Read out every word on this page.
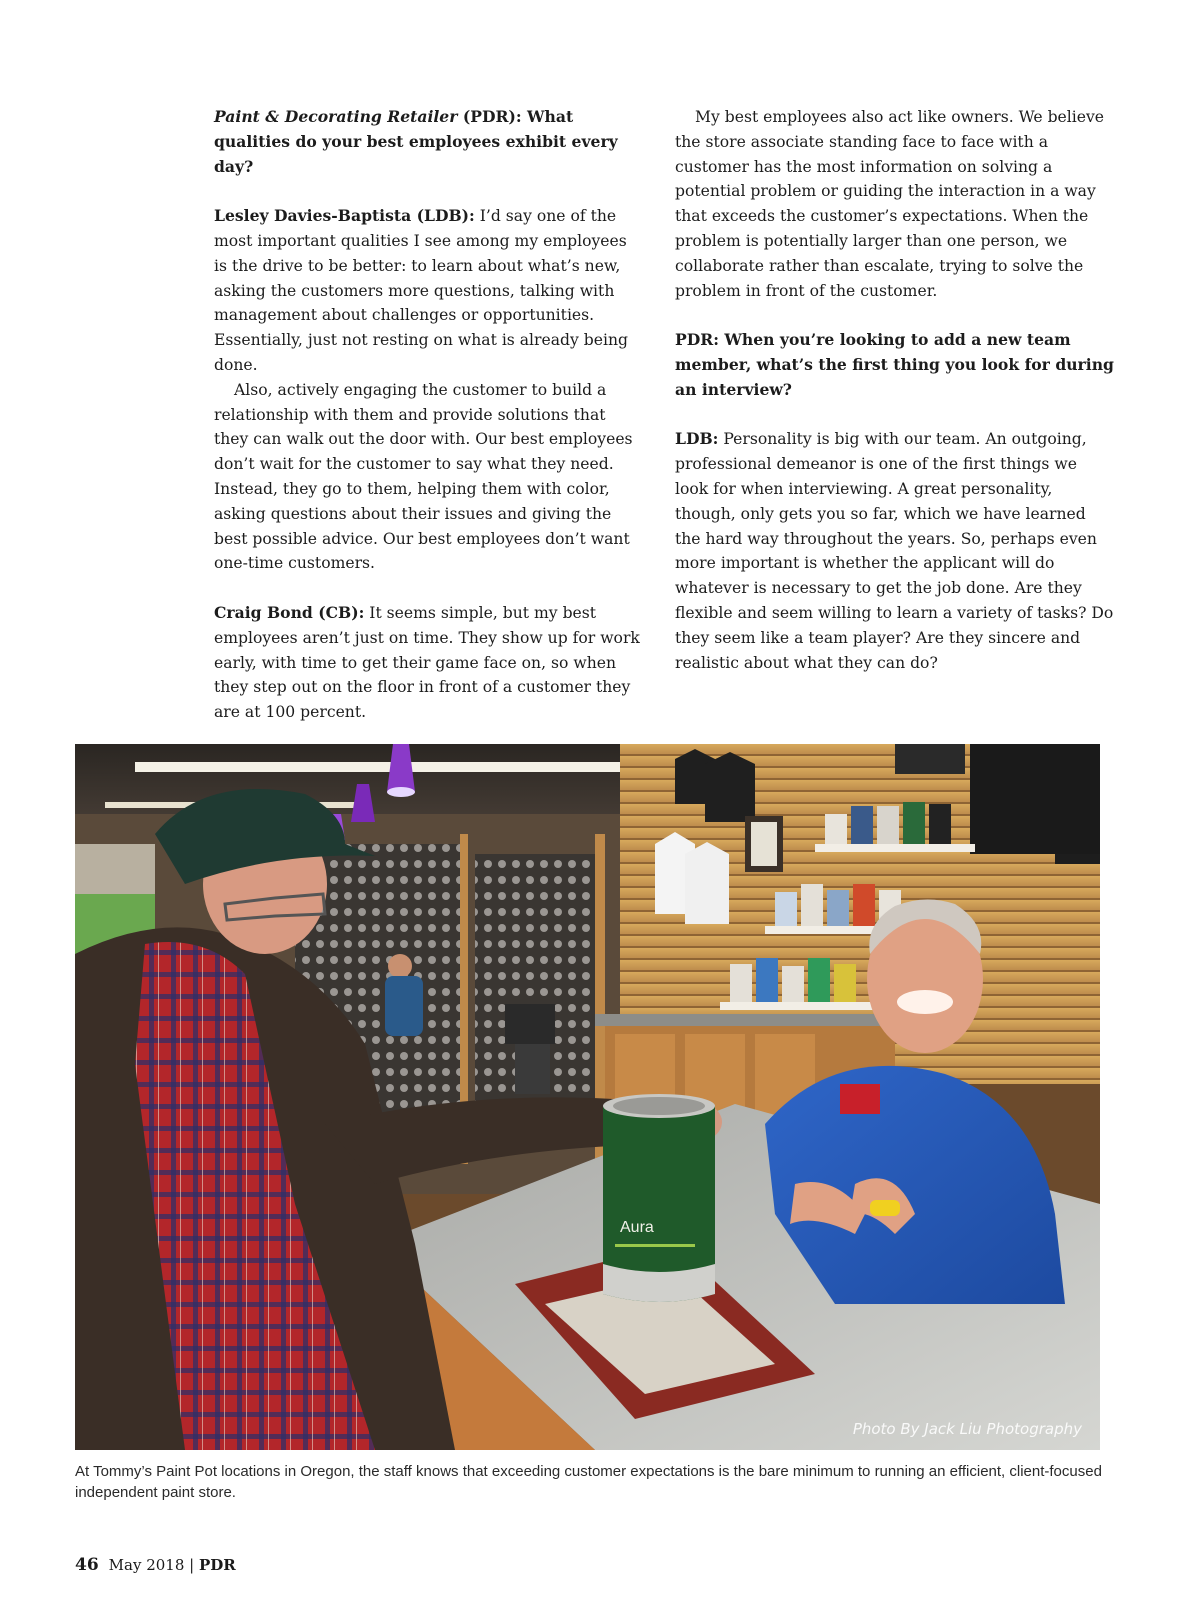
Paint & Decorating Retailer (PDR): What qualities do your best employees exhibit every day?

Lesley Davies-Baptista (LDB): I’d say one of the most important qualities I see among my employees is the drive to be better: to learn about what’s new, asking the customers more questions, talking with management about challenges or opportunities. Essentially, just not resting on what is already being done.

Also, actively engaging the customer to build a relationship with them and provide solutions that they can walk out the door with. Our best employees don’t wait for the customer to say what they need. Instead, they go to them, helping them with color, asking questions about their issues and giving the best possible advice. Our best employees don’t want one-time customers.

Craig Bond (CB): It seems simple, but my best employees aren’t just on time. They show up for work early, with time to get their game face on, so when they step out on the floor in front of a customer they are at 100 percent.

My best employees also act like owners. We believe the store associate standing face to face with a customer has the most information on solving a potential problem or guiding the interaction in a way that exceeds the customer’s expectations. When the problem is potentially larger than one person, we collaborate rather than escalate, trying to solve the problem in front of the customer.

PDR: When you’re looking to add a new team member, what’s the first thing you look for during an interview?

LDB: Personality is big with our team. An outgoing, professional demeanor is one of the first things we look for when interviewing. A great personality, though, only gets you so far, which we have learned the hard way throughout the years. So, perhaps even more important is whether the applicant will do whatever is necessary to get the job done. Are they flexible and seem willing to learn a variety of tasks? Do they seem like a team player? Are they sincere and realistic about what they can do?

Aura
Photo By Jack Liu Photography
At Tommy’s Paint Pot locations in Oregon, the staff knows that exceeding customer expectations is the bare minimum to running an efficient, client-focused independent paint store.
46 May 2018 | PDR
